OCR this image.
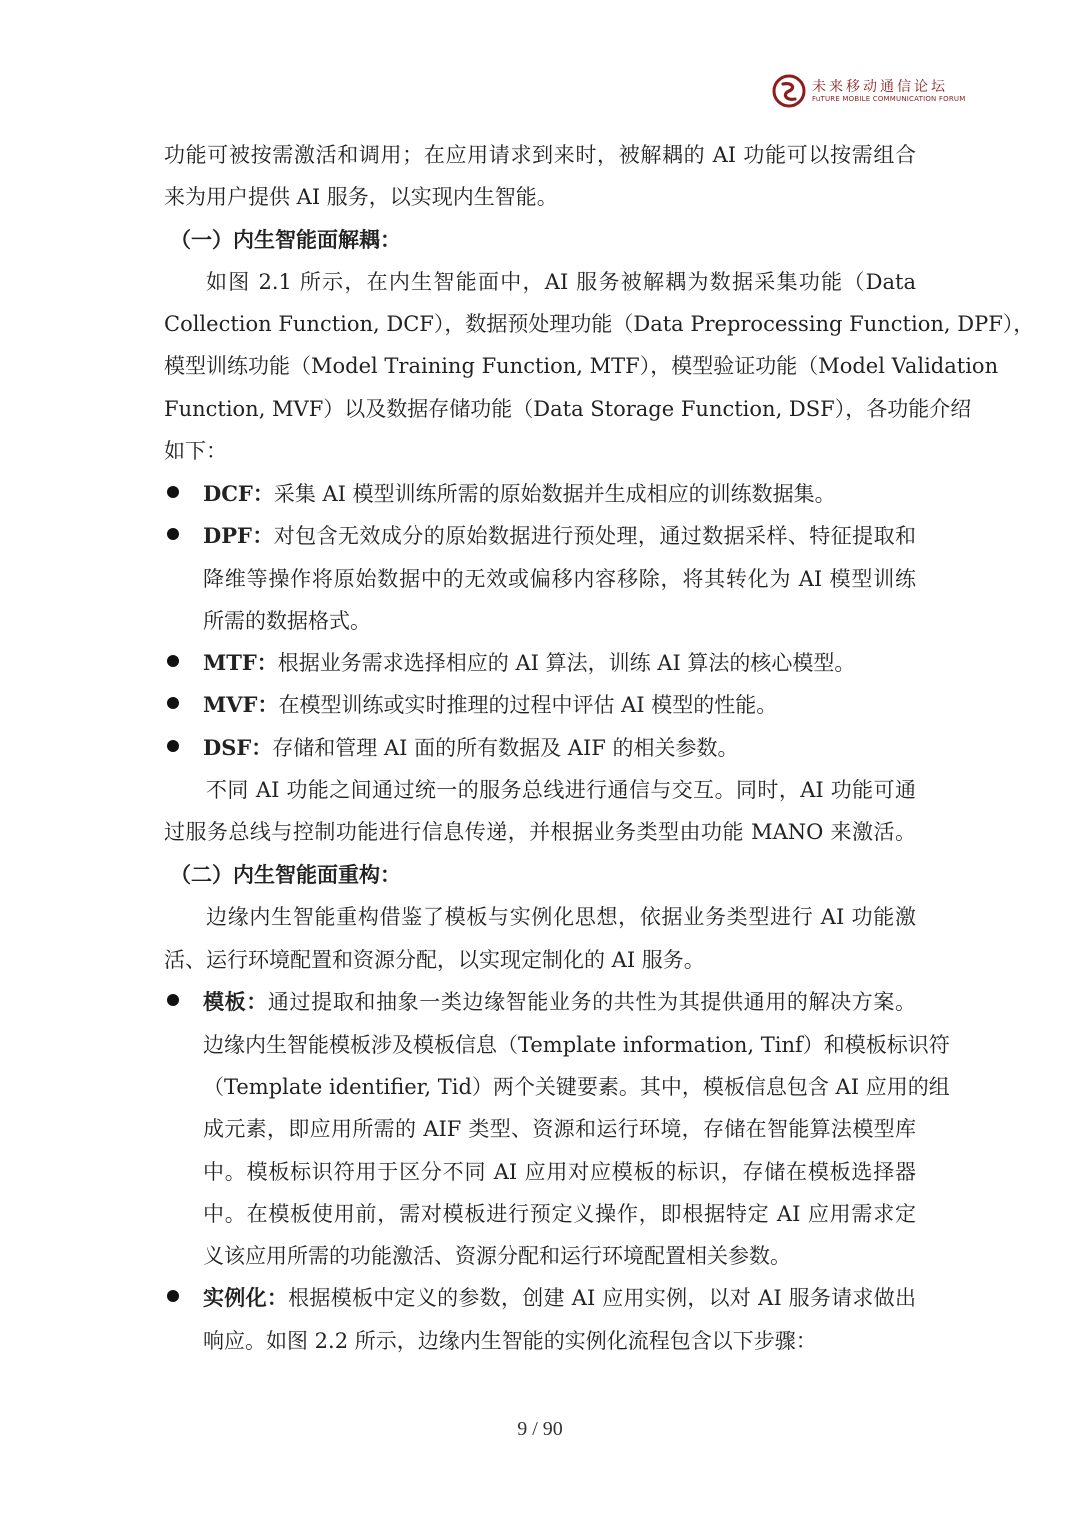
未来移动通信论坛
FuTURE MOBILE COMMUNICATION FORUM
功能可被按需激活和调用；在应用请求到来时，被解耦的 AI 功能可以按需组合
来为用户提供 AI 服务，以实现内生智能。
（一）内生智能面解耦：
如图 2.1 所示，在内生智能面中，AI 服务被解耦为数据采集功能（Data
Collection Function, DCF），数据预处理功能（Data Preprocessing Function, DPF），
模型训练功能（Model Training Function, MTF），模型验证功能（Model Validation
Function, MVF）以及数据存储功能（Data Storage Function, DSF），各功能介绍
如下：
DCF：采集 AI 模型训练所需的原始数据并生成相应的训练数据集。
DPF：对包含无效成分的原始数据进行预处理，通过数据采样、特征提取和
降维等操作将原始数据中的无效或偏移内容移除，将其转化为 AI 模型训练
所需的数据格式。
MTF：根据业务需求选择相应的 AI 算法，训练 AI 算法的核心模型。
MVF：在模型训练或实时推理的过程中评估 AI 模型的性能。
DSF：存储和管理 AI 面的所有数据及 AIF 的相关参数。
不同 AI 功能之间通过统一的服务总线进行通信与交互。同时，AI 功能可通
过服务总线与控制功能进行信息传递，并根据业务类型由功能 MANO 来激活。
（二）内生智能面重构：
边缘内生智能重构借鉴了模板与实例化思想，依据业务类型进行 AI 功能激
活、运行环境配置和资源分配，以实现定制化的 AI 服务。
模板：通过提取和抽象一类边缘智能业务的共性为其提供通用的解决方案。
边缘内生智能模板涉及模板信息（Template information, Tinf）和模板标识符
（Template identifier, Tid）两个关键要素。其中，模板信息包含 AI 应用的组
成元素，即应用所需的 AIF 类型、资源和运行环境，存储在智能算法模型库
中。模板标识符用于区分不同 AI 应用对应模板的标识，存储在模板选择器
中。在模板使用前，需对模板进行预定义操作，即根据特定 AI 应用需求定
义该应用所需的功能激活、资源分配和运行环境配置相关参数。
实例化：根据模板中定义的参数，创建 AI 应用实例，以对 AI 服务请求做出
响应。如图 2.2 所示，边缘内生智能的实例化流程包含以下步骤：
9 / 90
